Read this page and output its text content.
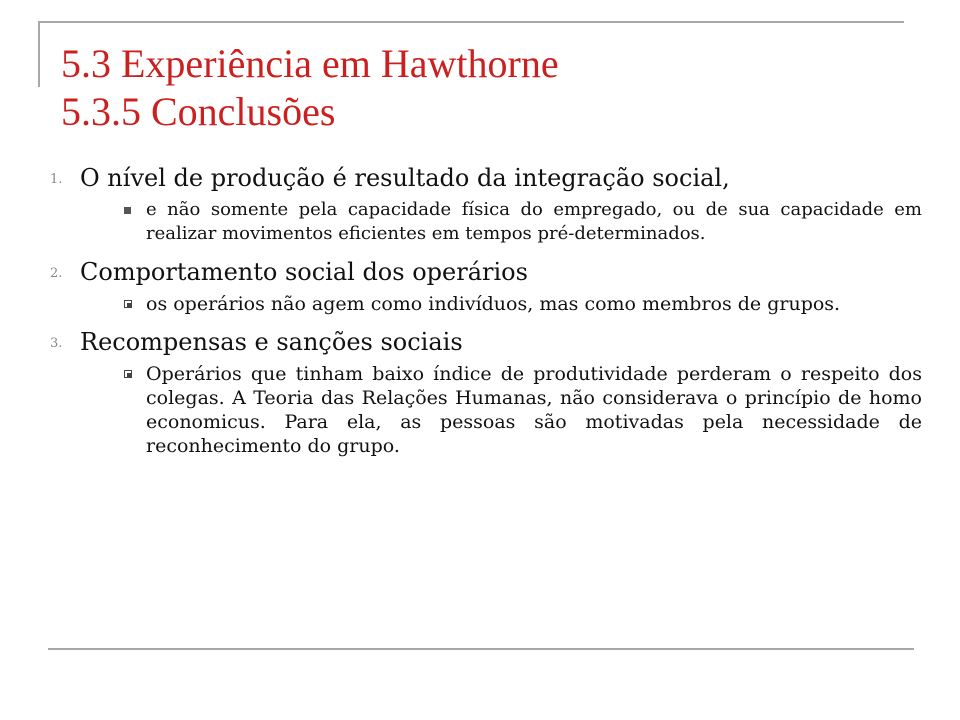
5.3 Experiência em Hawthorne
5.3.5 Conclusões
1. O nível de produção é resultado da integração social,
e não somente pela capacidade física do empregado, ou de sua capacidade em realizar movimentos eficientes em tempos pré-determinados.
2. Comportamento social dos operários
os operários não agem como indivíduos, mas como membros de grupos.
3. Recompensas e sanções sociais
Operários que tinham baixo índice de produtividade perderam o respeito dos colegas. A Teoria das Relações Humanas, não considerava o princípio de homo economicus. Para ela, as pessoas são motivadas pela necessidade de reconhecimento do grupo.
